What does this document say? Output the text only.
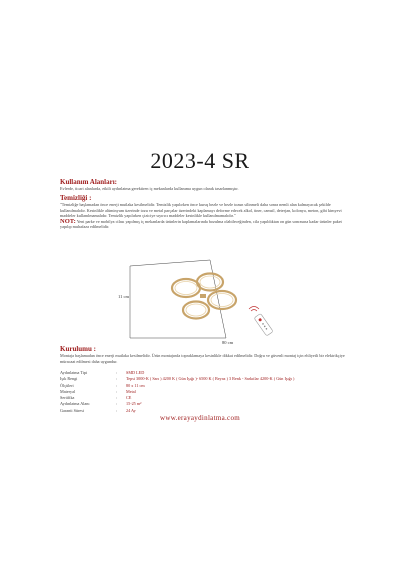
2023-4 SR
Kullanım Alanları:
Evlerde, ticari alanlarda, etkili aydınlatma gerektiren iç mekanlarda kullanıma uygun olarak tasarlanmıştır.
Temizliği :
"Temizliğe başlamadan önce enerji mutlaka kesilmelidir. Temizlik yapılırken önce kuruş bezle ve bezle tozun silinmeli daha sonra nemli alan kalmayacak şekilde kullanılmalıdır. Kesinlikle alüminyum üzerinde tozu ve metal parçalar üzerindeki kaplamayı deforme edecek alkol, tiner, camsil, deterjan, kolonya, meton, gibi kimyevi maddeler kullanılmamalıdır. Temizlik yapılırken çiziciye sıyırıcı maddeler kesinlikle kullanılmamalıdır."
NOT: Yeni parke ve mobilya cilası yapılmış iç mekanlarda ürünlerin kaplamalarında bozulma olabileceğinden, cila yapıldıktan on gün sonrasına kadar ürünler paket yapılıp muhafaza edilmelidir.
11 cm
80 cm
Kurulumu :
Montaja başlamadan önce enerji mutlaka kesilmelidir. Ürün montajında topraklamaya kesinlikle dikkat edilmelidir. Doğru ve güvenli montaj için ehliyetli bir elektrikçiye müracaat edilmesi daha uygundur.
Aydınlatma Tipi	:	SMD LED
Işık Rengi	:	Tepsi 3000-K ( Sarı ) 4200 K ( Gün Işığı )- 6500 K ( Beyaz ) 3 Renk - Sarkıtlar 4200-K ( Gün Işığı )
Ölçüleri	:	80 x 11 cm
Materyal	:	Metal
Sertifika	:	CE
Aydınlatma Alanı	:	15-25 m²
Garanti Süresi	:	24 Ay
www.erayaydinlatma.com
